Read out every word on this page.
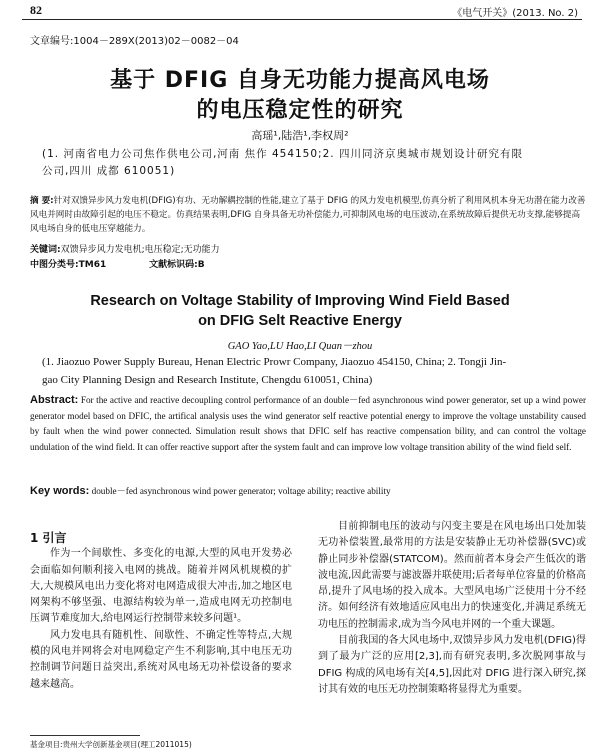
82	《电气开关》(2013. No. 2)
文章编号:1004－289X(2013)02－0082－04
基于 DFIG 自身无功能力提高风电场
的电压稳定性的研究
高瑶¹,陆浩¹,李权周²
(1. 河南省电力公司焦作供电公司,河南 焦作 454150;2. 四川同济京奥城市规划设计研究有限
公司,四川 成都 610051)
摘 要:针对双馈异步风力发电机(DFIG)有功、无功解耦控制的性能,建立了基于 DFIG 的风力发电机模型,仿真分析了利用风机本身无功潜在能力改善风电并网时由故障引起的电压不稳定。仿真结果表明,DFIG 自身具备无功补偿能力,可抑制风电场的电压波动,在系统故障后提供无功支撑,能够提高风电场自身的低电压穿越能力。
关键词:双馈异步风力发电机;电压稳定;无功能力
中图分类号:TM61	文献标识码:B
Research on Voltage Stability of Improving Wind Field Based
on DFIG Selt Reactive Energy
GAO Yao,LU Hao,LI Quan－zhou
(1. Jiaozuo Power Supply Bureau, Henan Electric Prowr Company, Jiaozuo 454150, China; 2. Tongji Jin-
gao City Planning Design and Research Institute, Chengdu 610051, China)
Abstract: For the active and reactive decoupling control performance of an double－fed asynchronous wind power generator, set up a wind power generator model based on DFIC, the artifical analysis uses the wind generator self reactive potential energy to improve the voltage unstability caused by fault when the wind power connected. Simulation result shows that DFIC self has reactive compensation bility, and can control the voltage undulation of the wind field. It can offer reactive support after the system fault and can improve low voltage transition ability of the wind field self.
Key words: double－fed asynchronous wind power generator; voltage ability; reactive ability

1 引言

作为一个间歇性、多变化的电源,大型的风电开发势必会面临如何顺利接入电网的挑战。随着并网风机规模的扩大,大规模风电出力变化将对电网造成很大冲击,加之地区电网架构不够坚强、电源结构较为单一,造成电网无功控制电压调节难度加大,给电网运行控制带来较多问题¹。

风力发电具有随机性、间歇性、不确定性等特点,大规模的风电并网将会对电网稳定产生不利影响,其中电压无功控制调节问题日益突出,系统对风电场无功补偿设备的要求越来越高。

目前抑制电压的波动与闪变主要是在风电场出口处加装无功补偿装置,最常用的方法是安装静止无功补偿器(SVC)或静止同步补偿器(STATCOM)。然而前者本身会产生低次的谐波电流,因此需要与滤波器并联使用;后者每单位容量的价格高昂,提升了风电场的投入成本。大型风电场广泛使用十分不经济。如何经济有效地适应风电出力的快速变化,并满足系统无功电压的控制需求,成为当今风电并网的一个重大课题。

目前我国的各大风电场中,双馈异步风力发电机(DFIG)得到了最为广泛的应用[2,3],而有研究表明,多次脱网事故与 DFIG 构成的风电场有关[4,5],因此对 DFIG 进行深入研究,探讨其有效的电压无功控制策略将显得尤为重要。

基金项目:贵州大学创新基金项目(理工2011015)
